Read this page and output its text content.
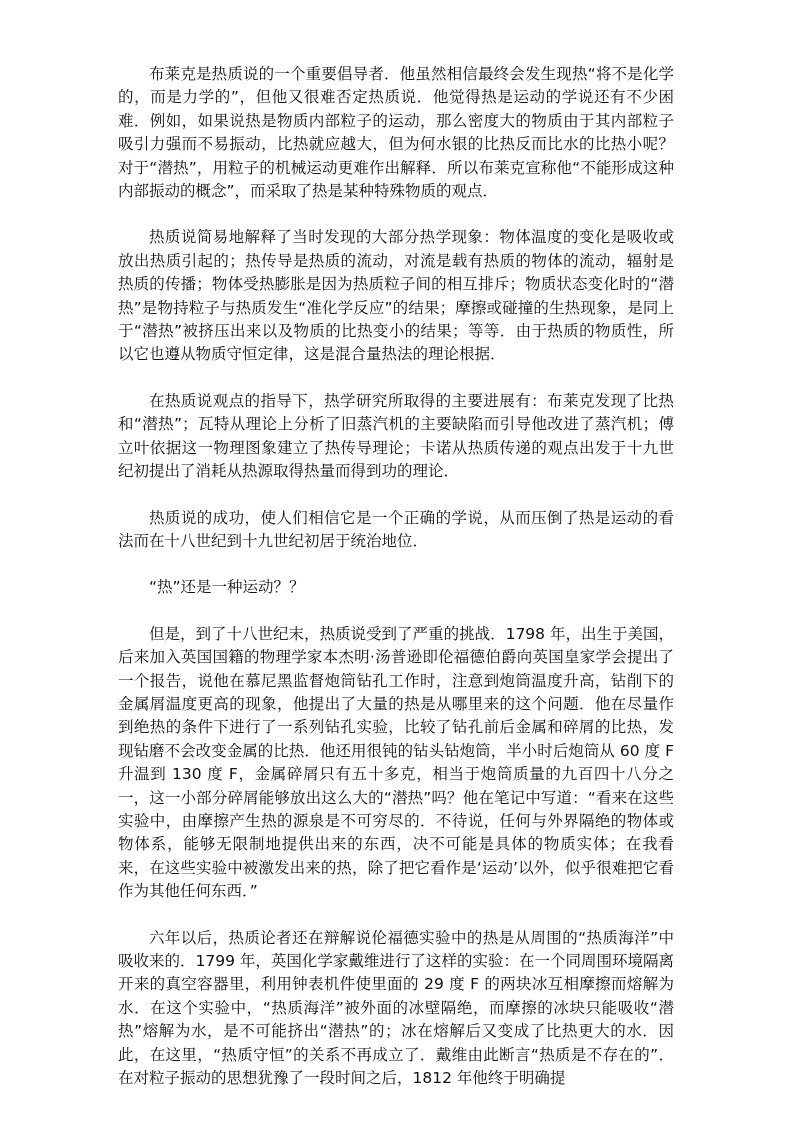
布莱克是热质说的一个重要倡导者．他虽然相信最终会发生现热“将不是化学的，而是力学的”，但他又很难否定热质说．他觉得热是运动的学说还有不少困难．例如，如果说热是物质内部粒子的运动，那么密度大的物质由于其内部粒子吸引力强而不易振动，比热就应越大，但为何水银的比热反而比水的比热小呢？对于“潜热”，用粒子的机械运动更难作出解释．所以布莱克宣称他“不能形成这种内部振动的概念”，而采取了热是某种特殊物质的观点．

热质说简易地解释了当时发现的大部分热学现象：物体温度的变化是吸收或放出热质引起的；热传导是热质的流动，对流是载有热质的物体的流动，辐射是热质的传播；物体受热膨胀是因为热质粒子间的相互排斥；物质状态变化时的“潜热”是物持粒子与热质发生“准化学反应”的结果；摩擦或碰撞的生热现象，是同上于“潜热”被挤压出来以及物质的比热变小的结果；等等．由于热质的物质性，所以它也遵从物质守恒定律，这是混合量热法的理论根据．

在热质说观点的指导下，热学研究所取得的主要进展有：布莱克发现了比热和“潜热”；瓦特从理论上分析了旧蒸汽机的主要缺陷而引导他改进了蒸汽机；傅立叶依据这一物理图象建立了热传导理论；卡诺从热质传递的观点出发于十九世纪初提出了消耗从热源取得热量而得到功的理论．

热质说的成功，使人们相信它是一个正确的学说，从而压倒了热是运动的看法而在十八世纪到十九世纪初居于统治地位．

“热”还是一种运动？？

但是，到了十八世纪末，热质说受到了严重的挑战．1798 年，出生于美国，后来加入英国国籍的物理学家本杰明·汤普逊即伦福德伯爵向英国皇家学会提出了一个报告，说他在慕尼黑监督炮筒钻孔工作时，注意到炮筒温度升高，钻削下的金属屑温度更高的现象，他提出了大量的热是从哪里来的这个问题．他在尽量作到绝热的条件下进行了一系列钻孔实验，比较了钻孔前后金属和碎屑的比热，发现钻磨不会改变金属的比热．他还用很钝的钻头钻炮筒，半小时后炮筒从 60 度 F 升温到 130 度 F，金属碎屑只有五十多克，相当于炮筒质量的九百四十八分之一，这一小部分碎屑能够放出这么大的“潜热”吗？他在笔记中写道：“看来在这些实验中，由摩擦产生热的源泉是不可穷尽的．不待说，任何与外界隔绝的物体或物体系，能够无限制地提供出来的东西，决不可能是具体的物质实体；在我看来，在这些实验中被激发出来的热，除了把它看作是‘运动’以外，似乎很难把它看作为其他任何东西．”

六年以后，热质论者还在辩解说伦福德实验中的热是从周围的“热质海洋”中吸收来的．1799 年，英国化学家戴维进行了这样的实验：在一个同周围环境隔离开来的真空容器里，利用钟表机件使里面的 29 度 F 的两块冰互相摩擦而熔解为水．在这个实验中，“热质海洋”被外面的冰壁隔绝，而摩擦的冰块只能吸收“潜热”熔解为水，是不可能挤出“潜热”的；冰在熔解后又变成了比热更大的水．因此，在这里，“热质守恒”的关系不再成立了．戴维由此断言“热质是不存在的”．在对粒子振动的思想犹豫了一段时间之后，1812 年他终于明确提
